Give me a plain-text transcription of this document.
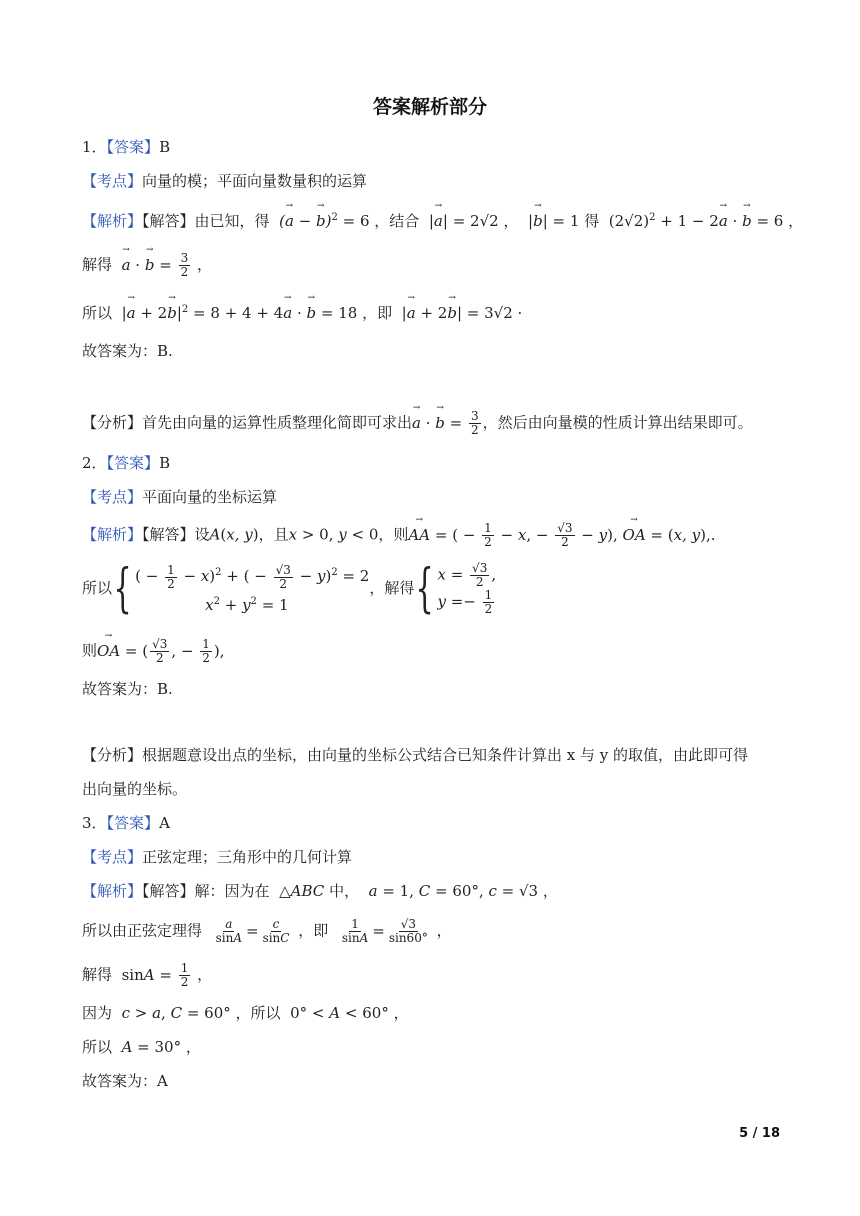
答案解析部分
1．【答案】B
【考点】向量的模；平面向量数量积的运算
【解析】【解答】由已知，得  (→ a − → b)$^2$ = 6 ，结合  |→ a| = 2√2 ，  |→ b| = 1 得 $(2√2)^2 + 1 - 2\to a$ · → b = 6 ，
解得  → a · → $b = \frac{3}{2}$ ，
所以  |→ $a + 2\to b|^2 = 8 + 4 + 4\to a$ · → b = 18 ，即  |→ a + 2→ b| = 3√2 ·
故答案为：B.
【分析】首先由向量的运算性质整理化简即可求出→ a · → $b = \frac{3}{2}$ ，然后由向量模的性质计算出结果即可。
2．【答案】B
【考点】平面向量的坐标运算
【解析】【解答】设A(x, y)，且x > 0, y < 0，则→ AA = ( − $\frac{1}{2} - x$, − $\frac{√3}{2} - y$), → OA = (x, y),.
所以{ ( − $\frac{1}{2} - x)^2$ + ( − $\frac{√3}{2} - y)^2 = 2$
$x^2 + y^2 = 1$
，解得{ $x = \frac{√3}{2}$ ,
$y =- \frac{1}{2}$
则→ OA = ( $\frac{√3}{2}$ , − $\frac{1}{2}$ ),
故答案为：B.
【分析】根据题意设出点的坐标，由向量的坐标公式结合已知条件计算出 x 与 y 的取值，由此即可得
出向量的坐标。
3．【答案】A
【考点】正弦定理；三角形中的几何计算
【解析】【解答】解：因为在 △ABC 中，  a = 1, C = 60°, c = √3 ，
所以由正弦定理得 $\frac{a}{\sin A} = \frac{c}{\sin C}$ ，即 $\frac{1}{\sin A} = \frac{√3}{\sin 60^\circ}$ ，
解得 $\sin A = \frac{1}{2}$ ，
因为  c > a, C = 60° ，所以 0° < A < 60° ，
所以  A = 30° ，
故答案为：A
5 / 18
